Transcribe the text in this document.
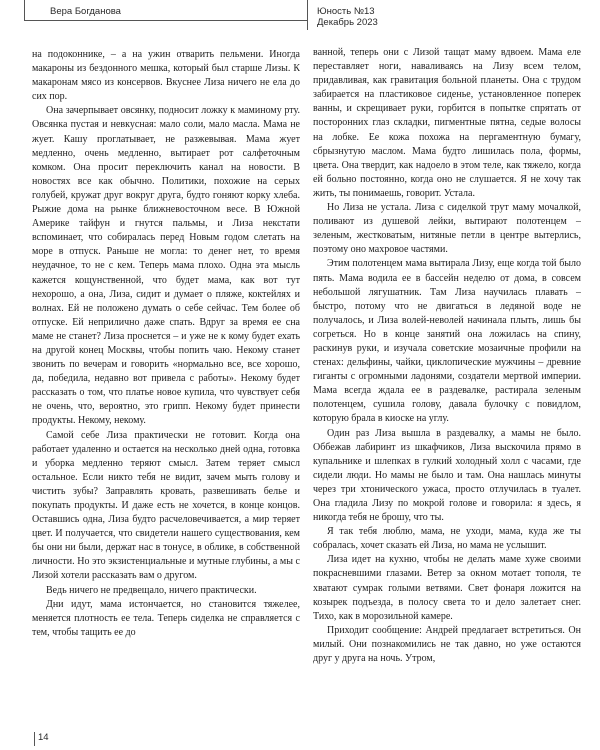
Вера Богданова	Юность №13
Декабрь 2023

на подоконнике, – а на ужин отварить пельмени. Иногда макароны из бездонного мешка, который был старше Лизы. К макаронам мясо из консервов. Вкуснее Лиза ничего не ела до сих пор.

Она зачерпывает овсянку, подносит ложку к маминому рту. Овсянка пустая и невкусная: мало соли, мало масла. Мама не жует. Кашу проглатывает, не разжевывая. Мама жует медленно, очень медленно, вытирает рот салфеточным комком. Она просит переключить канал на новости. В новостях все как обычно. Политики, похожие на серых голубей, кружат друг вокруг друга, будто гоняют корку хлеба. Рыжие дома на рынке ближневосточном весе. В Южной Америке тайфун и гнутся пальмы, и Лиза некстати вспоминает, что собиралась перед Новым годом слетать на море в отпуск. Раньше не могла: то денег нет, то время неудачное, то не с кем. Теперь мама плохо. Одна эта мысль кажется кощунственной, что будет мама, как вот тут нехорошо, а она, Лиза, сидит и думает о пляже, коктейлях и волнах. Ей не положено думать о себе сейчас. Тем более об отпуске. Ей неприлично даже спать. Вдруг за время ее сна маме не станет? Лиза проснется – и уже не к кому будет ехать на другой конец Москвы, чтобы попить чаю. Некому станет звонить по вечерам и говорить «нормально все, все хорошо, да, победила, недавно вот привела с работы». Некому будет рассказать о том, что платье новое купила, что чувствует себя не очень, что, вероятно, это грипп. Некому будет принести продукты. Некому, некому.

Самой себе Лиза практически не готовит. Когда она работает удаленно и остается на несколько дней одна, готовка и уборка медленно теряют смысл. Затем теряет смысл остальное. Если никто тебя не видит, зачем мыть голову и чистить зубы? Заправлять кровать, развешивать белье и покупать продукты. И даже есть не хочется, в конце концов. Оставшись одна, Лиза будто расчеловечивается, а мир теряет цвет. И получается, что свидетели нашего существования, кем бы они ни были, держат нас в тонусе, в облике, в собственной личности. Но это экзистенциальные и мутные глубины, а мы с Лизой хотели рассказать вам о другом.

Ведь ничего не предвещало, ничего практически.

Дни идут, мама истончается, но становится тяжелее, меняется плотность ее тела. Теперь сиделка не справляется с тем, чтобы тащить ее до

ванной, теперь они с Лизой тащат маму вдвоем. Мама еле переставляет ноги, наваливаясь на Лизу всем телом, придавливая, как гравитация больной планеты. Она с трудом забирается на пластиковое сиденье, установленное поперек ванны, и скрещивает руки, горбится в попытке спрятать от посторонних глаз складки, пигментные пятна, седые волосы на лобке. Ее кожа похожа на пергаментную бумагу, сбрызнутую маслом. Мама будто лишилась пола, формы, цвета. Она твердит, как надоело в этом теле, как тяжело, когда ей больно постоянно, когда оно не слушается. Я не хочу так жить, ты понимаешь, говорит. Устала.

Но Лиза не устала. Лиза с сиделкой трут маму мочалкой, поливают из душевой лейки, вытирают полотенцем – зеленым, жестковатым, нитяные петли в центре вытерлись, поэтому оно махровое частями.

Этим полотенцем мама вытирала Лизу, еще когда той было пять. Мама водила ее в бассейн неделю от дома, в совсем небольшой лягушатник. Там Лиза научилась плавать – быстро, потому что не двигаться в ледяной воде не получалось, и Лиза волей-неволей начинала плыть, лишь бы согреться. Но в конце занятий она ложилась на спину, раскинув руки, и изучала советские мозаичные профили на стенах: дельфины, чайки, циклопические мужчины – древние гиганты с огромными ладонями, создатели мертвой империи. Мама всегда ждала ее в раздевалке, растирала зеленым полотенцем, сушила голову, давала булочку с повидлом, которую брала в киоске на углу.

Один раз Лиза вышла в раздевалку, а мамы не было. Оббежав лабиринт из шкафчиков, Лиза выскочила прямо в купальнике и шлепках в гулкий холодный холл с часами, где сидели люди. Но мамы не было и там. Она нашлась минуты через три хтонического ужаса, просто отлучилась в туалет. Она гладила Лизу по мокрой голове и говорила: я здесь, я никогда тебя не брошу, что ты.

Я так тебя люблю, мама, не уходи, мама, куда же ты собралась, хочет сказать ей Лиза, но мама не услышит.

Лиза идет на кухню, чтобы не делать маме хуже своими покрасневшими глазами. Ветер за окном мотает тополя, те хватают сумрак голыми ветвями. Свет фонаря ложится на козырек подъезда, в полосу света то и дело залетает снег. Тихо, как в морозильной камере.

Приходит сообщение: Андрей предлагает встретиться. Он милый. Они познакомились не так давно, но уже остаются друг у друга на ночь. Утром,

14
